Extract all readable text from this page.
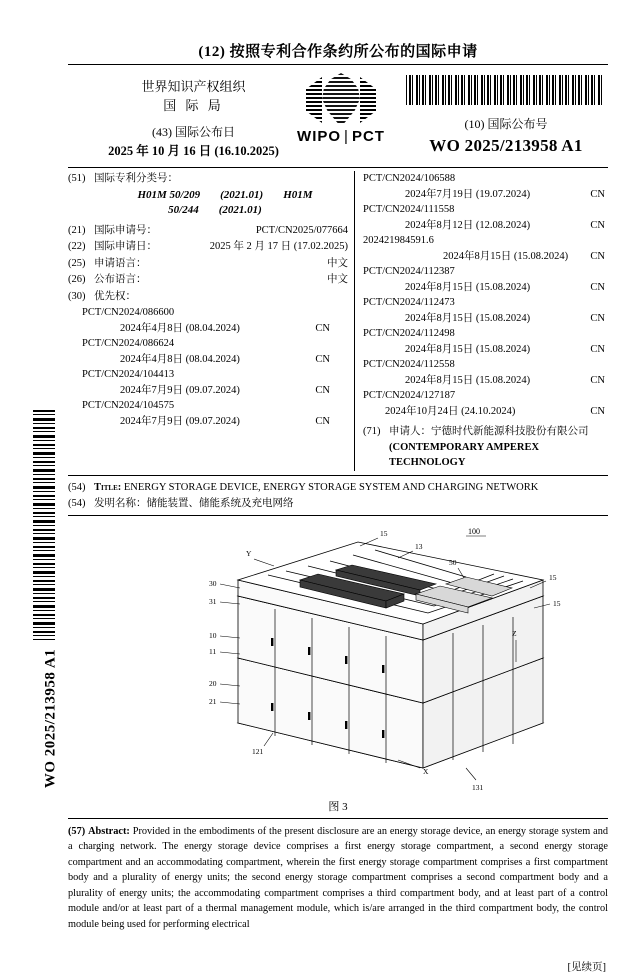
WO 2025/213958 A1
(12) 按照专利合作条约所公布的国际申请
世界知识产权组织
国 际 局
(43) 国际公布日
2025 年 10 月 16 日 (16.10.2025)
WIPO | PCT
(10) 国际公布号
WO 2025/213958 A1
(51) 国际专利分类号：
H01M 50/209 (2021.01) H01M 50/244 (2021.01)
(21) 国际申请号：	PCT/CN2025/077664
(22) 国际申请日：	2025 年 2 月 17 日 (17.02.2025)
(25) 申请语言：	中文
(26) 公布语言：	中文
(30) 优先权：
PCT/CN2024/086600
2024年4月8日 (08.04.2024)	CN
PCT/CN2024/086624
2024年4月8日 (08.04.2024)	CN
PCT/CN2024/104413
2024年7月9日 (09.07.2024)	CN
PCT/CN2024/104575
2024年7月9日 (09.07.2024)	CN
PCT/CN2024/106588
2024年7月19日 (19.07.2024)	CN
PCT/CN2024/111558
2024年8月12日 (12.08.2024)	CN
202421984591.6
2024年8月15日 (15.08.2024) CN
PCT/CN2024/112387
2024年8月15日 (15.08.2024)	CN
PCT/CN2024/112473
2024年8月15日 (15.08.2024)	CN
PCT/CN2024/112498
2024年8月15日 (15.08.2024)	CN
PCT/CN2024/112558
2024年8月15日 (15.08.2024)	CN
PCT/CN2024/127187
2024年10月24日 (24.10.2024)	CN
(71) 申请人：宁德时代新能源科技股份有限公司 (CONTEMPORARY AMPEREX TECHNOLOGY
(54) Title: ENERGY STORAGE DEVICE, ENERGY STORAGE SYSTEM AND CHARGING NETWORK
(54) 发明名称：储能装置、储能系统及充电网络
15
13
50
15
15
Y
30
31
10
11
20
21
121
X
Z
131
100
图 3
(57) Abstract: Provided in the embodiments of the present disclosure are an energy storage device, an energy storage system and a charging network. The energy storage device comprises a first energy storage compartment, a second energy storage compartment and an accommodating compartment, wherein the first energy storage compartment comprises a first compartment body and a plurality of energy units; the second energy storage compartment comprises a second compartment body and a plurality of energy units; the accommodating compartment comprises a third compartment body, and at least part of a control module and/or at least part of a thermal management module, which is/are arranged in the third compartment body, the control module being used for performing electrical
[见续页]
